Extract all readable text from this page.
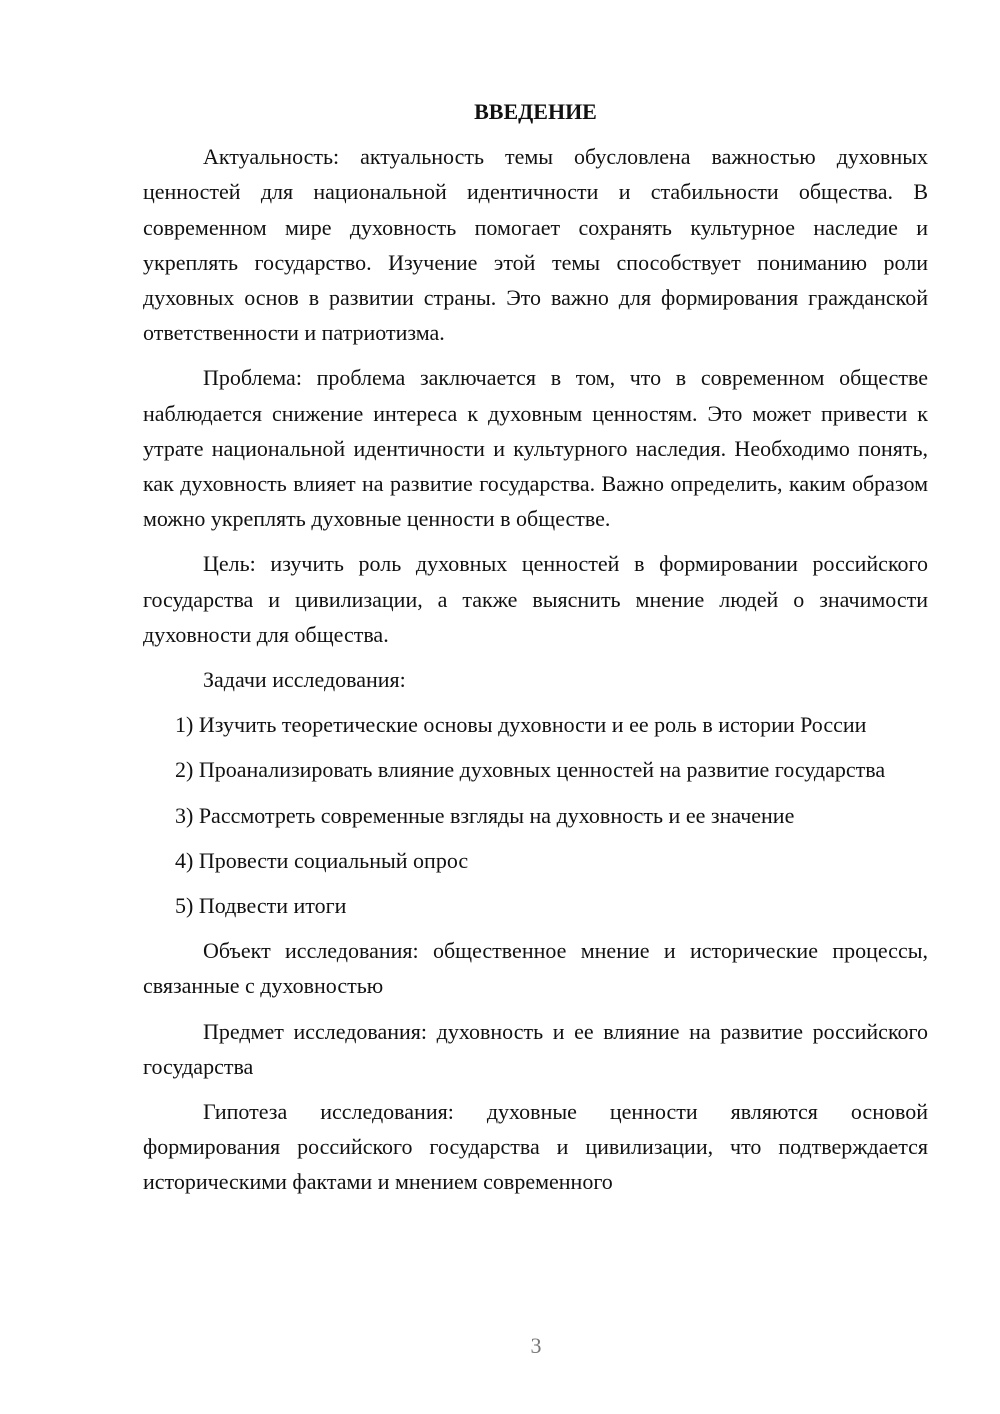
ВВЕДЕНИЕ

Актуальность: актуальность темы обусловлена важностью духовных ценностей для национальной идентичности и стабильности общества. В современном мире духовность помогает сохранять культурное наследие и укреплять государство. Изучение этой темы способствует пониманию роли духовных основ в развитии страны. Это важно для формирования гражданской ответственности и патриотизма.

Проблема: проблема заключается в том, что в современном обществе наблюдается снижение интереса к духовным ценностям. Это может привести к утрате национальной идентичности и культурного наследия. Необходимо понять, как духовность влияет на развитие государства. Важно определить, каким образом можно укреплять духовные ценности в обществе.

Цель: изучить роль духовных ценностей в формировании российского государства и цивилизации, а также выяснить мнение людей о значимости духовности для общества.

Задачи исследования:

1) Изучить теоретические основы духовности и ее роль в истории России

2) Проанализировать влияние духовных ценностей на развитие государства

3) Рассмотреть современные взгляды на духовность и ее значение

4) Провести социальный опрос

5) Подвести итоги

Объект исследования: общественное мнение и исторические процессы, связанные с духовностью

Предмет исследования: духовность и ее влияние на развитие российского государства

Гипотеза исследования: духовные ценности являются основой формирования российского государства и цивилизации, что подтверждается историческими фактами и мнением современного

3
